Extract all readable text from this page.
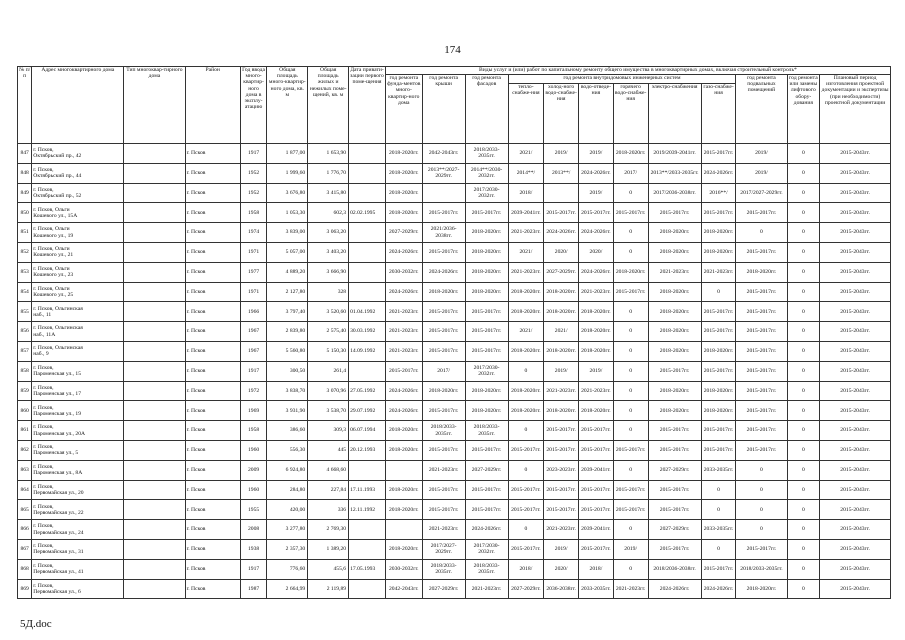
174
№ п/п	Адрес многоквартирного дома	Тип многоквар-тирного дома	Район	Год ввода много-квартир-ного дома в эксплу-атацию	Общая площадь много-квартир-ного дома, кв. м	Общая площадь жилых и нежилых поме-щений, кв. м	Дата привати-зации первого поме-щения	Виды услуг и (или) работ по капитальному ремонту общего имущества в многоквартирных домах, включая строительный контроль*											
								год ремонта фунда-ментов много-квартир-ного дома	год ремонта крыши	год ремонта фасадов	год ремонта внутридомовых инженерных систем						год ремонта подвальных помещений	год ремонта или замены лифтового обору-дования	Плановый период изготовления проектной документации и экспертизы (при необходимости) проектной документации
											тепло-снабже-ния	холод-ного водо-снабже-ния	водо-отведе-ния	горячего водо-снабже-ния	электро-снабжения	газо-снабже-ния			
847	г. Псков,
Октябрьский пр., 42		г. Псков	1917	1 877,00	1 653,90		2018-2020гг.	2042-2043гг.	2018/2033-2035гг.	2021/	2019/	2019/	2018-2020гг.	2019/2039-2041гг.	2015-2017гг.	2019/	0	2015-2043гг.
848	г. Псков,
Октябрьский пр., 44		г. Псков	1952	1 999,60	1 776,70		2018-2020гг.	2013**/2027-2029гг.	2014**/2030-2032гг.	2014**/	2013**/	2024-2026гг.	2017/	2013**/2033-2035гг.	2024-2026гг.	2019/	0	2015-2043гг.
849	г. Псков,
Октябрьский пр., 52		г. Псков	1952	3 676,80	3 415,80		2018-2020гг.		2017/2030-2032гг.	2018/		2019/	0	2017/2036-2038гг.	2016**/	2017/2027-2029гг.	0	2015-2043гг.
850	г. Псков, Ольги
Кошевого ул., 15А		г. Псков	1958	1 053,30	602,3	02.02.1995	2018-2020гг.	2015-2017гг.	2015-2017гг.	2039-2041гг.	2015-2017гг.	2015-2017гг.	2015-2017гг.	2015-2017гг.	2015-2017гг.	2015-2017гг.	0	2015-2043гг.
851	г. Псков, Ольги
Кошевого ул., 19		г. Псков	1974	3 839,00	3 063,20		2027-2029гг.	2021/2036-2038гг.	2018-2020гг.	2021-2023гг.	2024-2026гг.	2024-2026гг.	0	2018-2020гг.	2018-2020гг.	0	0	2015-2043гг.
852	г. Псков, Ольги
Кошевого ул., 21		г. Псков	1971	5 057,00	3 403,20		2024-2026гг.	2015-2017гг.	2018-2020гг.	2021/	2020/	2020/	0	2018-2020гг.	2018-2020гг.	2015-2017гг.	0	2015-2043гг.
853	г. Псков, Ольги
Кошевого ул., 23		г. Псков	1977	4 889,20	3 666,90		2030-2032гг.	2024-2026гг.	2018-2020гг.	2021-2023гг.	2027-2029гг.	2024-2026гг.	2018-2020гг.	2021-2023гг.	2021-2023гг.	2018-2020гг.	0	2015-2043гг.
854	г. Псков, Ольги
Кошевого ул., 25		г. Псков	1971	2 127,80	328		2024-2026гг.	2018-2020гг.	2018-2020гг.	2018-2020гг.	2018-2020гг.	2021-2023гг.	2015-2017гг.	2018-2020гг.	0	2015-2017гг.	0	2015-2043гг.
855	г. Псков, Ольгинская
наб., 11		г. Псков	1966	3 797,40	3 520,60	01.04.1992	2021-2023гг.	2015-2017гг.	2015-2017гг.	2018-2020гг.	2018-2020гг.	2018-2020гг.	0	2018-2020гг.	2015-2017гг.	2015-2017гг.	0	2015-2043гг.
856	г. Псков, Ольгинская
наб., 11А		г. Псков	1967	2 839,80	2 575,40	30.03.1992	2021-2023гг.	2015-2017гг.	2015-2017гг.	2021/	2021/	2018-2020гг.	0	2018-2020гг.	2015-2017гг.	2015-2017гг.	0	2015-2043гг.
857	г. Псков, Ольгинская
наб., 9		г. Псков	1967	5 560,80	5 150,30	14.09.1992	2021-2023гг.	2015-2017гг.	2015-2017гг.	2018-2020гг.	2018-2020гг.	2018-2020гг.	0	2018-2020гг.	2018-2020гг.	2015-2017гг.	0	2015-2043гг.
858	г. Псков,
Пароменская ул., 15		г. Псков	1917	300,50	261,4		2015-2017гг.	2017/	2017/2030-2032гг.	0	2019/	2019/	0	2015-2017гг.	2015-2017гг.	2015-2017гг.	0	2015-2043гг.
859	г. Псков,
Пароменская ул., 17		г. Псков	1972	3 838,70	3 070,96	27.05.1992	2024-2026гг.	2018-2020гг.	2018-2020гг.	2018-2020гг.	2021-2023гг.	2021-2023гг.	0	2018-2020гг.	2018-2020гг.	2015-2017гг.	0	2015-2043гг.
860	г. Псков,
Пароменская ул., 19		г. Псков	1969	3 931,90	3 538,70	29.07.1992	2024-2026гг.	2015-2017гг.	2018-2020гг.	2018-2020гг.	2018-2020гг.	2018-2020гг.	0	2018-2020гг.	2018-2020гг.	2015-2017гг.	0	2015-2043гг.
861	г. Псков,
Пароменская ул., 20А		г. Псков	1958	386,60	309,3	06.07.1994	2018-2020гг.	2018/2033-2035гг.	2018/2033-2035гг.	0	2015-2017гг.	2015-2017гг.	0	2015-2017гг.	2015-2017гг.	2015-2017гг.	0	2015-2043гг.
862	г. Псков,
Пароменская ул., 5		г. Псков	1960	556,30	445	20.12.1993	2018-2020гг.	2015-2017гг.	2015-2017гг.	2015-2017гг.	2015-2017гг.	2015-2017гг.	2015-2017гг.	2015-2017гг.	2015-2017гг.	2015-2017гг.	0	2015-2043гг.
863	г. Псков,
Пароменская ул., 8А		г. Псков	2009	6 924,80	4 668,60			2021-2023гг.	2027-2029гг.	0	2023-2023гг.	2039-2041гг.	0	2027-2029гг.	2033-2035гг.	0	0	2015-2043гг.
864	г. Псков,
Первомайская ул., 20		г. Псков	1960	284,80	227,84	17.11.1993	2018-2020гг.	2015-2017гг.	2015-2017гг.	2015-2017гг.	2015-2017гг.	2015-2017гг.	2015-2017гг.	2015-2017гг.	0	0	0	2015-2043гг.
865	г. Псков,
Первомайская ул., 22		г. Псков	1955	420,00	336	12.11.1992	2018-2020гг.	2015-2017гг.	2015-2017гг.	2015-2017гг.	2015-2017гг.	2015-2017гг.	2015-2017гг.	2015-2017гг.	0	0	0	2015-2043гг.
866	г. Псков,
Первомайская ул., 24		г. Псков	2008	3 277,80	2 769,30			2021-2023гг.	2024-2026гг.	0	2021-2023гг.	2039-2041гг.	0	2027-2029гг.	2033-2035гг.	0	0	2015-2043гг.
867	г. Псков,
Первомайская ул., 31		г. Псков	1938	2 357,30	1 389,20		2018-2020гг.	2017/2027-2029гг.	2017/2030-2032гг.	2015-2017гг.	2019/	2015-2017гг.	2019/	2015-2017гг.	0	2015-2017гг.	0	2015-2043гг.
868	г. Псков,
Первомайская ул., 41		г. Псков	1917	776,60	455,6	17.05.1993	2030-2032гг.	2018/2033-2035гг.	2018/2033-2035гг.	2018/	2020/	2018/	0	2018/2036-2038гг.	2015-2017гг.	2018/2033-2035гг.	0	2015-2043гг.
869	г. Псков,
Первомайская ул., 6		г. Псков	1987	2 664,99	2 119,89		2042-2043гг.	2027-2029гг.	2021-2023гг.	2027-2029гг.	2036-2038гг.	2033-2035гг.	2021-2023гг.	2024-2026гг.	2024-2026гг.	2018-2020гг.	0	2015-2043гг.
5Д.doc
